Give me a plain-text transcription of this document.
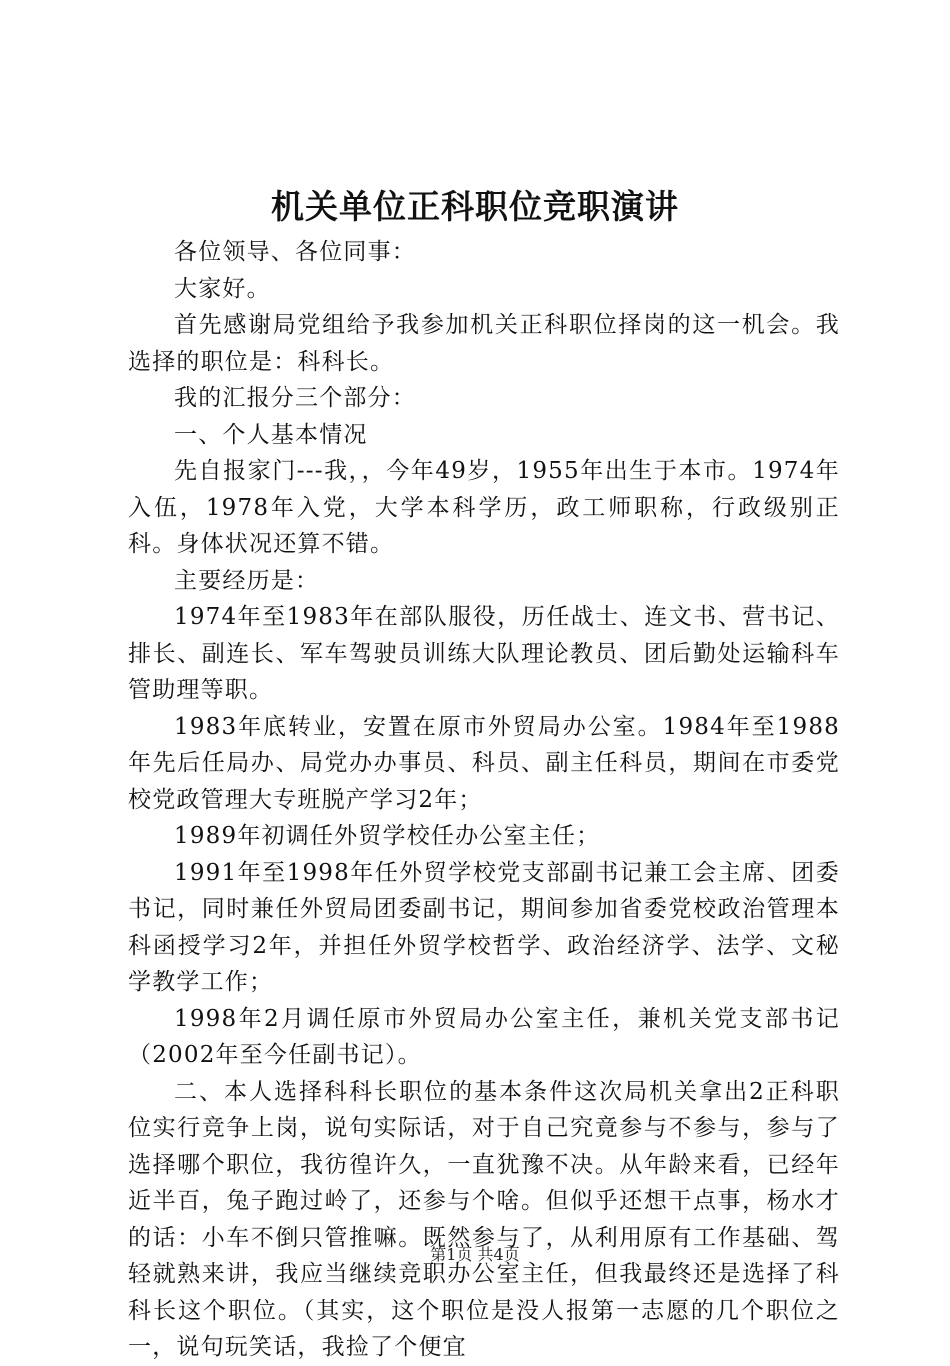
机关单位正科职位竞职演讲

各位领导、各位同事：

大家好。

首先感谢局党组给予我参加机关正科职位择岗的这一机会。我选择的职位是：科科长。

我的汇报分三个部分：

一、个人基本情况

先自报家门---我，，今年49岁，1955年出生于本市。1974年入伍，1978年入党，大学本科学历，政工师职称，行政级别正科。身体状况还算不错。

主要经历是：

1974年至1983年在部队服役，历任战士、连文书、营书记、排长、副连长、军车驾驶员训练大队理论教员、团后勤处运输科车管助理等职。

1983年底转业，安置在原市外贸局办公室。1984年至1988年先后任局办、局党办办事员、科员、副主任科员，期间在市委党校党政管理大专班脱产学习2年；

1989年初调任外贸学校任办公室主任；

1991年至1998年任外贸学校党支部副书记兼工会主席、团委书记，同时兼任外贸局团委副书记，期间参加省委党校政治管理本科函授学习2年，并担任外贸学校哲学、政治经济学、法学、文秘学教学工作；

1998年2月调任原市外贸局办公室主任，兼机关党支部书记（2002年至今任副书记）。

二、本人选择科科长职位的基本条件这次局机关拿出2正科职位实行竞争上岗，说句实际话，对于自己究竟参与不参与，参与了选择哪个职位，我彷徨许久，一直犹豫不决。从年龄来看，已经年近半百，兔子跑过岭了，还参与个啥。但似乎还想干点事，杨水才的话：小车不倒只管推嘛。既然参与了，从利用原有工作基础、驾轻就熟来讲，我应当继续竞职办公室主任，但我最终还是选择了科科长这个职位。（其实，这个职位是没人报第一志愿的几个职位之一，说句玩笑话，我捡了个便宜

第1页 共4页
